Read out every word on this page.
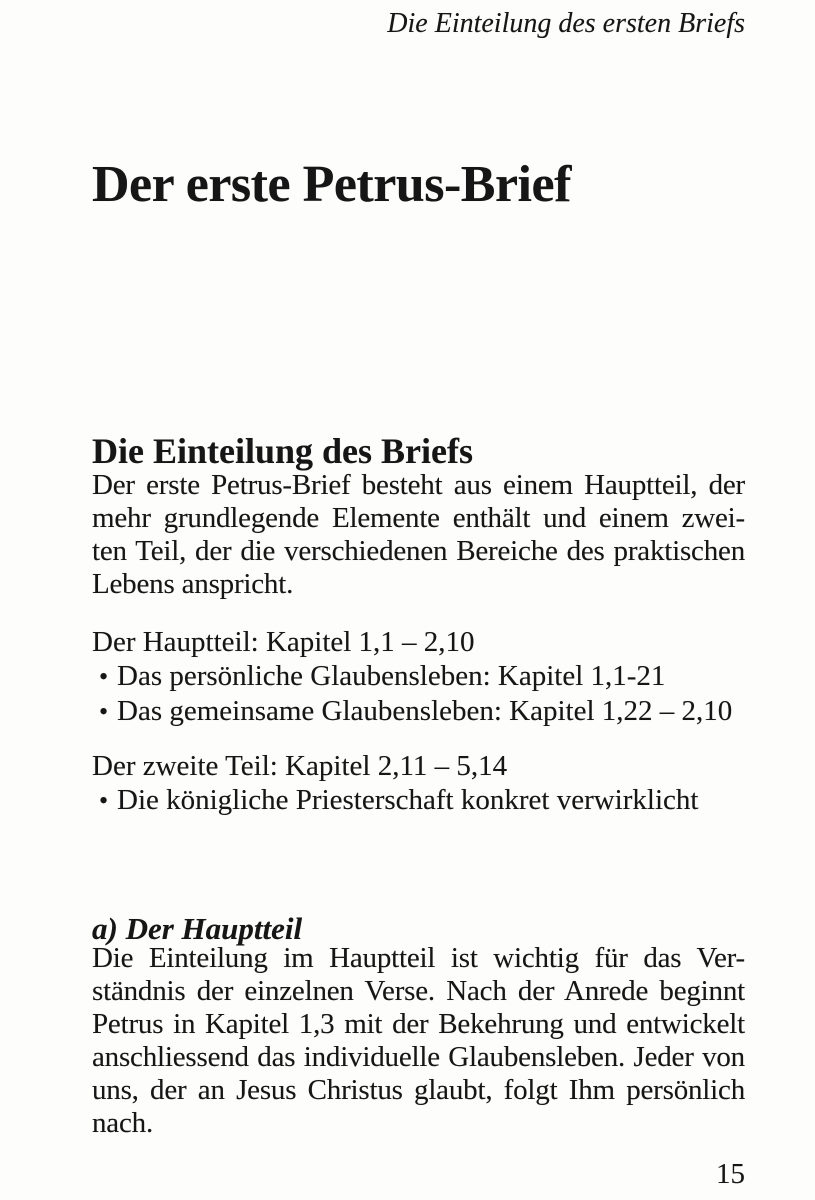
Die Einteilung des ersten Briefs
Der erste Petrus-Brief
Die Einteilung des Briefs
Der erste Petrus-Brief besteht aus einem Hauptteil, der
mehr grundlegende Elemente enthält und einem zwei-
ten Teil, der die verschiedenen Bereiche des praktischen
Lebens anspricht.
Der Hauptteil: Kapitel 1,1 – 2,10
• Das persönliche Glaubensleben: Kapitel 1,1-21
• Das gemeinsame Glaubensleben: Kapitel 1,22 – 2,10
Der zweite Teil: Kapitel 2,11 – 5,14
• Die königliche Priesterschaft konkret verwirklicht
a) Der Hauptteil
Die Einteilung im Hauptteil ist wichtig für das Ver-
ständnis der einzelnen Verse. Nach der Anrede beginnt
Petrus in Kapitel 1,3 mit der Bekehrung und entwickelt
anschliessend das individuelle Glaubensleben. Jeder von
uns, der an Jesus Christus glaubt, folgt Ihm persönlich
nach.
15
